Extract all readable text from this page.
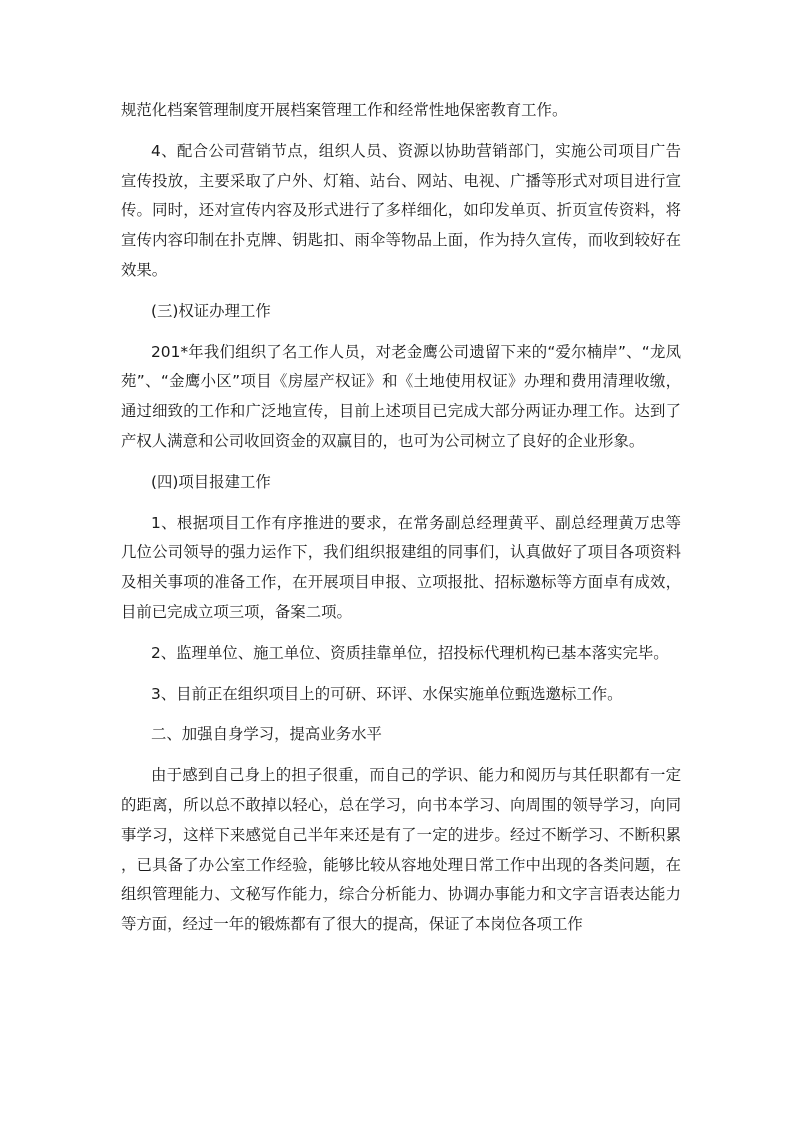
规范化档案管理制度开展档案管理工作和经常性地保密教育工作。

4、配合公司营销节点，组织人员、资源以协助营销部门，实施公司项目广告宣传投放，主要采取了户外、灯箱、站台、网站、电视、广播等形式对项目进行宣传。同时，还对宣传内容及形式进行了多样细化，如印发单页、折页宣传资料，将宣传内容印制在扑克牌、钥匙扣、雨伞等物品上面，作为持久宣传，而收到较好在效果。

(三)权证办理工作

201*年我们组织了名工作人员，对老金鹰公司遗留下来的“爱尔楠岸”、“龙凤苑”、“金鹰小区”项目《房屋产权证》和《土地使用权证》办理和费用清理收缴，通过细致的工作和广泛地宣传，目前上述项目已完成大部分两证办理工作。达到了产权人满意和公司收回资金的双赢目的，也可为公司树立了良好的企业形象。

(四)项目报建工作

1、根据项目工作有序推进的要求，在常务副总经理黄平、副总经理黄万忠等几位公司领导的强力运作下，我们组织报建组的同事们，认真做好了项目各项资料及相关事项的准备工作，在开展项目申报、立项报批、招标邀标等方面卓有成效，目前已完成立项三项，备案二项。

2、监理单位、施工单位、资质挂靠单位，招投标代理机构已基本落实完毕。

3、目前正在组织项目上的可研、环评、水保实施单位甄选邀标工作。

二、加强自身学习，提高业务水平

由于感到自己身上的担子很重，而自己的学识、能力和阅历与其任职都有一定的距离，所以总不敢掉以轻心，总在学习，向书本学习、向周围的领导学习，向同事学习，这样下来感觉自己半年来还是有了一定的进步。经过不断学习、不断积累，已具备了办公室工作经验，能够比较从容地处理日常工作中出现的各类问题，在组织管理能力、文秘写作能力，综合分析能力、协调办事能力和文字言语表达能力等方面，经过一年的锻炼都有了很大的提高，保证了本岗位各项工作
